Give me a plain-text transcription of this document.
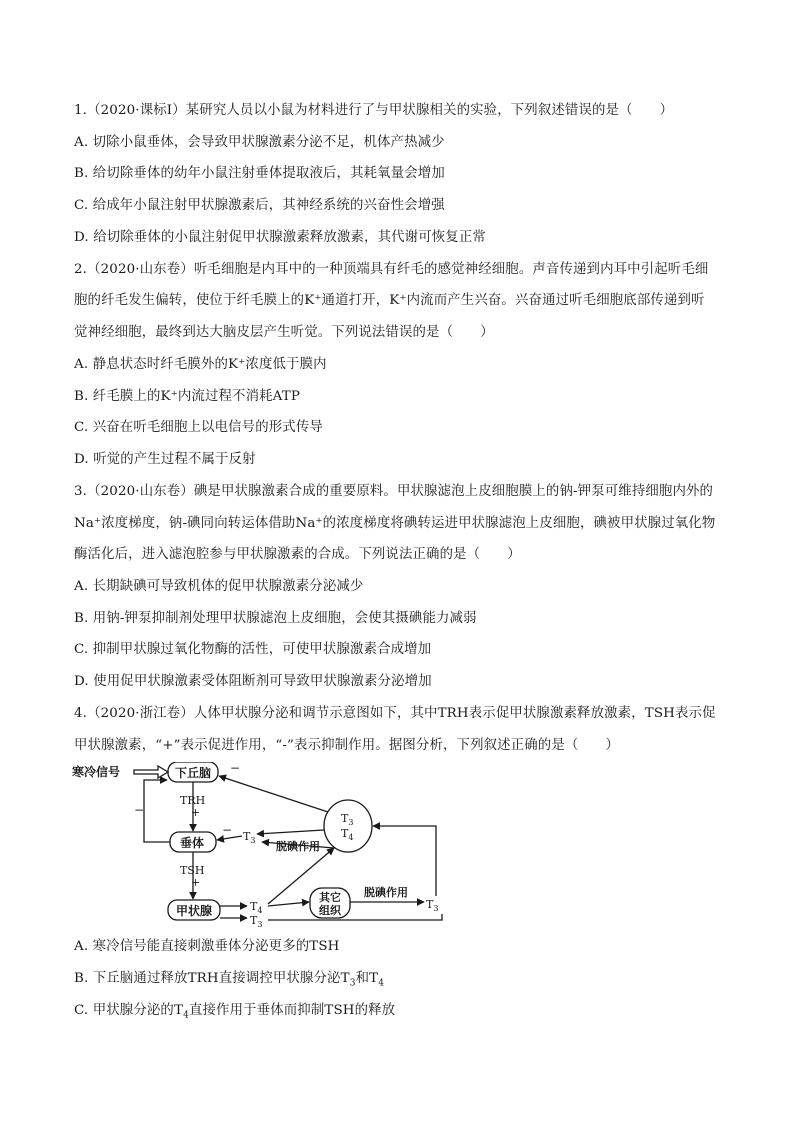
1.（2020·课标Ⅰ）某研究人员以小鼠为材料进行了与甲状腺相关的实验，下列叙述错误的是（　　）
A. 切除小鼠垂体，会导致甲状腺激素分泌不足，机体产热减少
B. 给切除垂体的幼年小鼠注射垂体提取液后，其耗氧量会增加
C. 给成年小鼠注射甲状腺激素后，其神经系统的兴奋性会增强
D. 给切除垂体的小鼠注射促甲状腺激素释放激素，其代谢可恢复正常
2.（2020·山东卷）听毛细胞是内耳中的一种顶端具有纤毛的感觉神经细胞。声音传递到内耳中引起听毛细
胞的纤毛发生偏转，使位于纤毛膜上的K⁺通道打开，K⁺内流而产生兴奋。兴奋通过听毛细胞底部传递到听
觉神经细胞，最终到达大脑皮层产生听觉。下列说法错误的是（　　）
A. 静息状态时纤毛膜外的K⁺浓度低于膜内
B. 纤毛膜上的K⁺内流过程不消耗ATP
C. 兴奋在听毛细胞上以电信号的形式传导
D. 听觉的产生过程不属于反射
3.（2020·山东卷）碘是甲状腺激素合成的重要原料。甲状腺滤泡上皮细胞膜上的钠-钾泵可维持细胞内外的
Na⁺浓度梯度，钠-碘同向转运体借助Na⁺的浓度梯度将碘转运进甲状腺滤泡上皮细胞，碘被甲状腺过氧化物
酶活化后，进入滤泡腔参与甲状腺激素的合成。下列说法正确的是（　　）
A. 长期缺碘可导致机体的促甲状腺激素分泌减少
B. 用钠-钾泵抑制剂处理甲状腺滤泡上皮细胞，会使其摄碘能力减弱
C. 抑制甲状腺过氧化物酶的活性，可使甲状腺激素合成增加
D. 使用促甲状腺激素受体阻断剂可导致甲状腺激素分泌增加
4.（2020·浙江卷）人体甲状腺分泌和调节示意图如下，其中TRH表示促甲状腺激素释放激素，TSH表示促
甲状腺激素，“+”表示促进作用，“-”表示抑制作用。据图分析，下列叙述正确的是（　　）
寒冷信号	下丘脑
垂体
甲状腺
其它
组织
TRH
+
TSH
+
−
−
− $T_3$
$T_3$
$T_4$
脱碘作用
$T_4$
$T_3$
脱碘作用
$T_3$
A. 寒冷信号能直接刺激垂体分泌更多的TSH
B. 下丘脑通过释放TRH直接调控甲状腺分泌$T_3$和$T_4$
C. 甲状腺分泌的$T_4$直接作用于垂体而抑制TSH的释放
